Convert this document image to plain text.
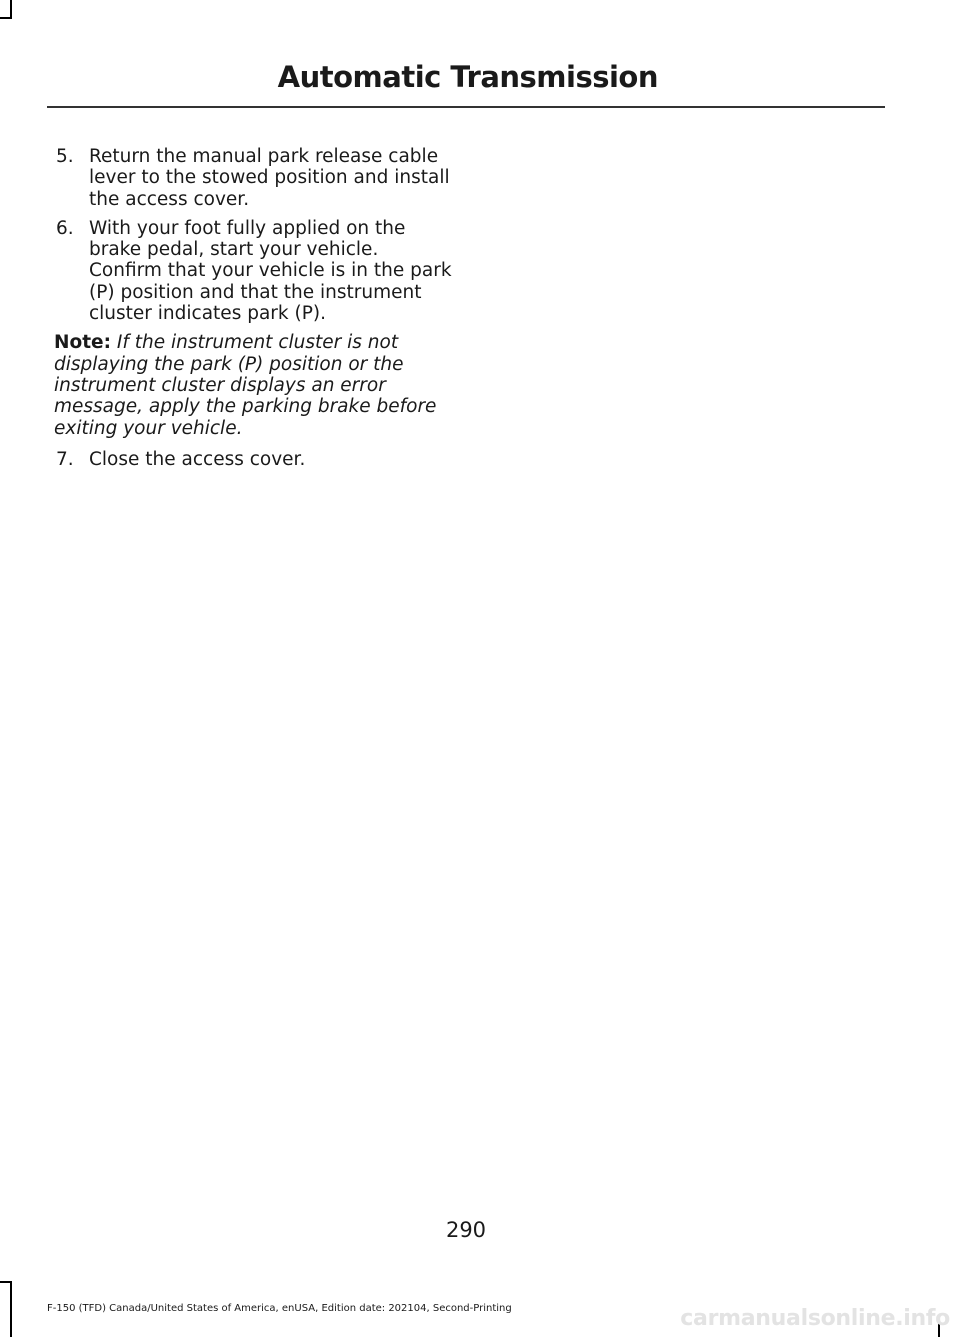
Automatic Transmission
5. Return the manual park release cable lever to the stowed position and install the access cover.
6. With your foot fully applied on the brake pedal, start your vehicle. Confirm that your vehicle is in the park (P) position and that the instrument cluster indicates park (P).
Note: If the instrument cluster is not displaying the park (P) position or the instrument cluster displays an error message, apply the parking brake before exiting your vehicle.
7. Close the access cover.
290
F-150 (TFD) Canada/United States of America, enUSA, Edition date: 202104, Second-Printing	carmanualsonline.info
